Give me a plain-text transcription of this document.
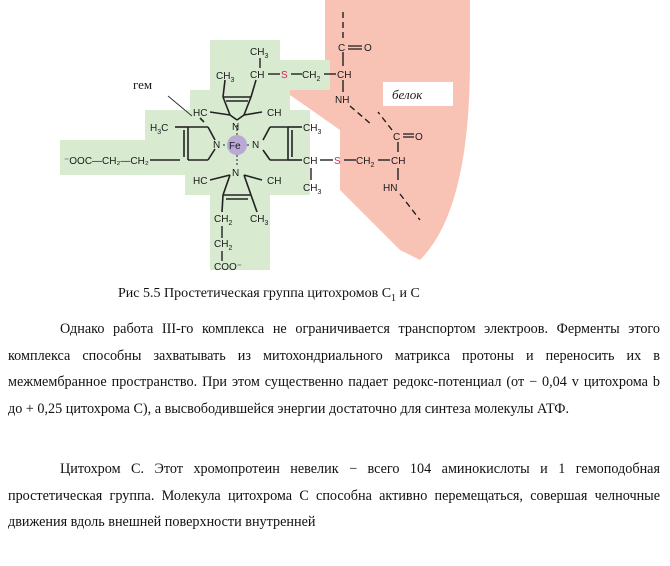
гем
белок
$CH_3$
$CH_3$
CH S $CH_2$ CH
C O
NH
HC	CH
$H_3C$
N Fe
N
N
N
$CH_3$
CH
$CH_3$
S $CH_2$ CH
C O
HN
⁻OOC—CH₂—CH₂
HC	CH
$CH_3$
$CH_2$
$CH_2$
COO⁻
Рис 5.5 Простетическая группа цитохромов $С_1$ и С

Однако работа III-го комплекса не ограничивается транспортом электроов. Ферменты этого комплекса способны захватывать из митохондриального матрикса протоны и переносить их в межмембранное пространство. При этом существенно падает редокс-потенциал (от − 0,04 v цитохрома b до + 0,25 цитохрома С), а высвободившейся энергии достаточно для синтеза молекулы АТФ.

Цитохром С. Этот хромопротеин невелик − всего 104 аминокислоты и 1 гемоподобная простетическая группа. Молекула цитохрома С способна активно перемещаться, совершая челночные движения вдоль внешней поверхности внутренней
